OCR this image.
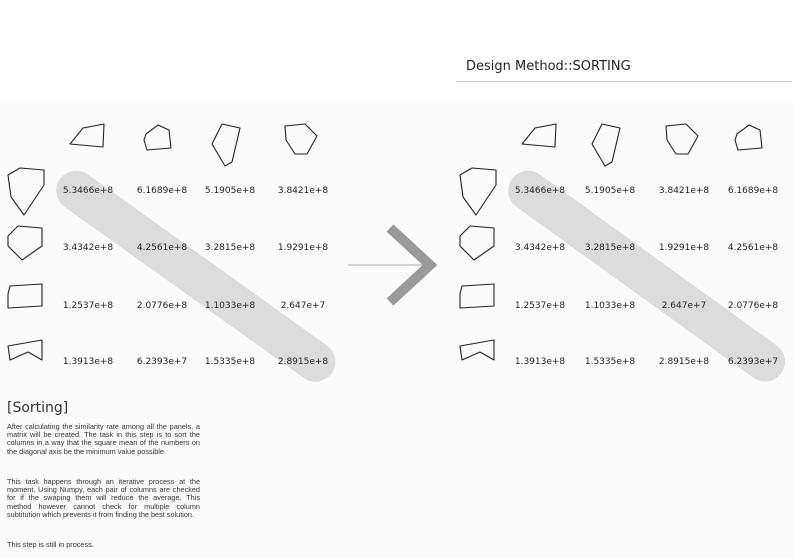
Design Method::SORTING
5.3466e+8	6.1689e+8 5.1905e+8	3.8421e+8
3.4342e+8	4.2561e+8 3.2815e+8	1.9291e+8
1.2537e+8	2.0776e+8 1.1033e+8	2.647e+7
1.3913e+8	6.2393e+7 1.5335e+8	2.8915e+8
5.3466e+8 5.1905e+8	3.8421e+8 6.1689e+8
3.4342e+8 3.2815e+8	1.9291e+8 4.2561e+8
1.2537e+8 1.1033e+8	2.647e+7 2.0776e+8
1.3913e+8 1.5335e+8	2.8915e+8 6.2393e+7
[Sorting]

After calculating the similarity rate among all the panels, a matrix will be created. The task in this step is to sort the columns in a way that the square mean of the numbers on the diagonal axis be the minimum value possible.

This task happens through an iterative process at the moment. Using Numpy, each pair of columns are checked for if the swaping them will reduce the average. This method however cannot check for multiple column subtitution which prevents it from finding the best solution.

This step is still in process.
